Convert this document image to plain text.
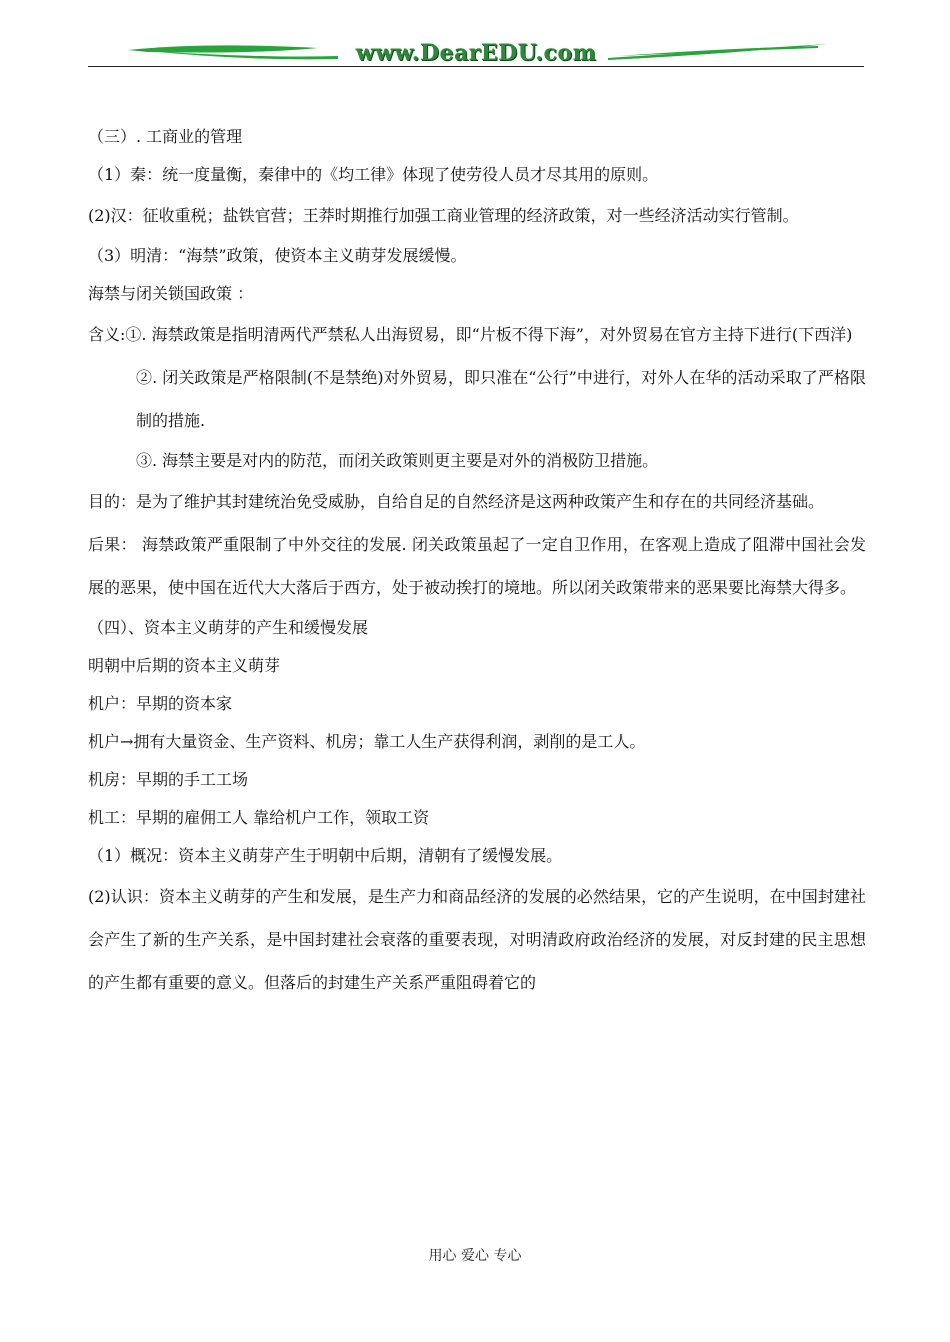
www.DearEDU.com
（三）. 工商业的管理
（1）秦：统一度量衡，秦律中的《均工律》体现了使劳役人员才尽其用的原则。
(2)汉：征收重税；盐铁官营；王莽时期推行加强工商业管理的经济政策，对一些经济活动实行管制。
（3）明清：“海禁”政策，使资本主义萌芽发展缓慢。
海禁与闭关锁国政策 ：
含义:①. 海禁政策是指明清两代严禁私人出海贸易，即“片板不得下海”，对外贸易在官方主持下进行(下西洋)
②. 闭关政策是严格限制(不是禁绝)对外贸易，即只准在“公行”中进行，对外人在华的活动采取了严格限制的措施.
③. 海禁主要是对内的防范，而闭关政策则更主要是对外的消极防卫措施。
目的：是为了维护其封建统治免受威胁，自给自足的自然经济是这两种政策产生和存在的共同经济基础。
后果： 海禁政策严重限制了中外交往的发展. 闭关政策虽起了一定自卫作用，在客观上造成了阻滞中国社会发展的恶果，使中国在近代大大落后于西方，处于被动挨打的境地。所以闭关政策带来的恶果要比海禁大得多。
（四）、资本主义萌芽的产生和缓慢发展
明朝中后期的资本主义萌芽
机户：早期的资本家
机户→拥有大量资金、生产资料、机房；靠工人生产获得利润，剥削的是工人。
机房：早期的手工工场
机工：早期的雇佣工人 靠给机户工作，领取工资
（1）概况：资本主义萌芽产生于明朝中后期，清朝有了缓慢发展。
(2)认识：资本主义萌芽的产生和发展，是生产力和商品经济的发展的必然结果，它的产生说明，在中国封建社会产生了新的生产关系，是中国封建社会衰落的重要表现，对明清政府政治经济的发展，对反封建的民主思想的产生都有重要的意义。但落后的封建生产关系严重阻碍着它的
用心 爱心 专心
